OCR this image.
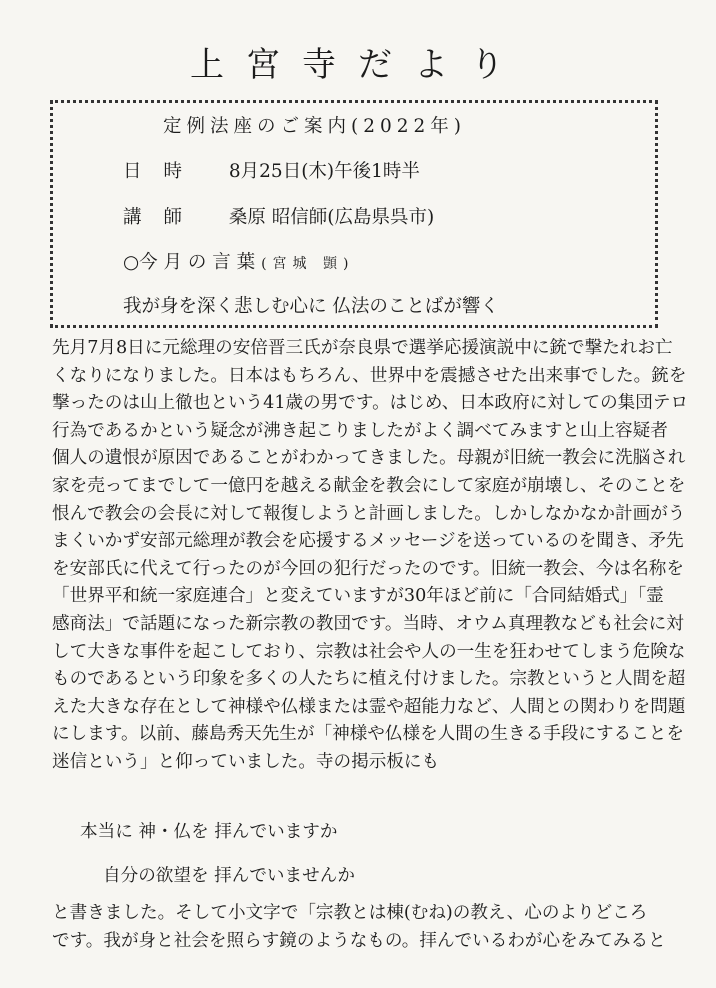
上宮寺だより
定例法座のご案内(2022年)
日時 8月25日(木)午後1時半
講師 桑原 昭信師(広島県呉市)
○今 月 の 言 葉 (宮城 顗)
我が身を深く悲しむ心に 仏法のことばが響く
先月7月8日に元総理の安倍晋三氏が奈良県で選挙応援演説中に銃で撃たれお亡
くなりになりました。日本はもちろん、世界中を震撼させた出来事でした。銃を
撃ったのは山上徹也という41歳の男です。はじめ、日本政府に対しての集団テロ
行為であるかという疑念が沸き起こりましたがよく調べてみますと山上容疑者
個人の遺恨が原因であることがわかってきました。母親が旧統一教会に洗脳され
家を売ってまでして一億円を越える献金を教会にして家庭が崩壊し、そのことを
恨んで教会の会長に対して報復しようと計画しました。しかしなかなか計画がう
まくいかず安部元総理が教会を応援するメッセージを送っているのを聞き、矛先
を安部氏に代えて行ったのが今回の犯行だったのです。旧統一教会、今は名称を
「世界平和統一家庭連合」と変えていますが30年ほど前に「合同結婚式」「霊
感商法」で話題になった新宗教の教団です。当時、オウム真理教なども社会に対
して大きな事件を起こしており、宗教は社会や人の一生を狂わせてしまう危険な
ものであるという印象を多くの人たちに植え付けました。宗教というと人間を超
えた大きな存在として神様や仏様または霊や超能力など、人間との関わりを問題
にします。以前、藤島秀天先生が「神様や仏様を人間の生きる手段にすることを
迷信という」と仰っていました。寺の掲示板にも
本当に 神・仏を 拝んでいますか
自分の欲望を 拝んでいませんか
と書きました。そして小文字で「宗教とは棟(むね)の教え、心のよりどころ
です。我が身と社会を照らす鏡のようなもの。拝んでいるわが心をみてみると
